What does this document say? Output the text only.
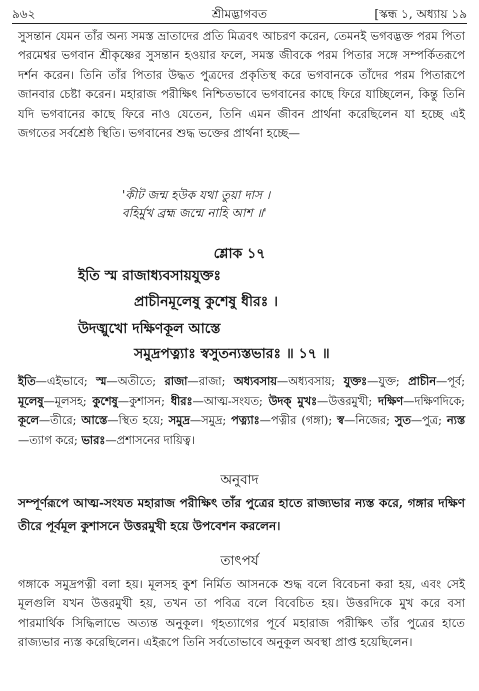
৯৬২	শ্রীমদ্ভাগবত	[স্কন্ধ ১, অধ্যায় ১৯
সুসন্তান যেমন তাঁর অন্য সমস্ত ভ্রাতাদের প্রতি মিত্রবৎ আচরণ করেন, তেমনই ভগবদ্ভক্ত পরম পিতা পরমেশ্বর ভগবান শ্রীকৃষ্ণের সুসন্তান হওয়ার ফলে, সমস্ত জীবকে পরম পিতার সঙ্গে সম্পর্কিতরূপে দর্শন করেন। তিনি তাঁর পিতার উদ্ধত পুত্রদের প্রকৃতিস্থ করে ভগবানকে তাঁদের পরম পিতারূপে জানবার চেষ্টা করেন। মহারাজ পরীক্ষিৎ নিশ্চিতভাবে ভগবানের কাছে ফিরে যাচ্ছিলেন, কিন্তু তিনি যদি ভগবানের কাছে ফিরে নাও যেতেন, তিনি এমন জীবন প্রার্থনা করেছিলেন যা হচ্ছে এই জগতের সর্বশ্রেষ্ঠ স্থিতি। ভগবানের শুদ্ধ ভক্তের প্রার্থনা হচ্ছে—
'কীট জন্ম হউক যথা তুয়া দাস ।
বহির্মুখ ব্রহ্ম জন্মে নাহি আশ ॥'
শ্লোক ১৭
ইতি স্ম রাজাধ্যবসায়যুক্তঃ
প্রাচীনমূলেষু কুশেষু ধীরঃ ।
উদঙ্মুখো দক্ষিণকূল আস্তে
সমুদ্রপত্ন্যাঃ স্বসুতন্যস্তভারঃ ॥ ১৭ ॥
ইতি—এইভাবে; স্ম—অতীতে; রাজা—রাজা; অধ্যবসায়—অধ্যবসায়; যুক্তঃ—যুক্ত; প্রাচীন—পূর্ব; মূলেষু—মূলসহ; কুশেষু—কুশাসন; ধীরঃ—আত্ম-সংযত; উদক্ মুখঃ—উত্তরমুখী; দক্ষিণ—দক্ষিণদিকে; কূলে—তীরে; আস্তে—স্থিত হয়ে; সমুদ্র—সমুদ্র; পত্ন্যাঃ—পত্নীর (গঙ্গা); স্ব—নিজের; সুত—পুত্র; ন্যস্ত—ত্যাগ করে; ভারঃ—প্রশাসনের দায়িত্ব।
অনুবাদ
সম্পূর্ণরূপে আত্ম-সংযত মহারাজ পরীক্ষিৎ তাঁর পুত্রের হাতে রাজ্যভার ন্যস্ত করে, গঙ্গার দক্ষিণ তীরে পূর্বমূল কুশাসনে উত্তরমুখী হয়ে উপবেশন করলেন।
তাৎপর্য
গঙ্গাকে সমুদ্রপত্নী বলা হয়। মূলসহ কুশ নির্মিত আসনকে শুদ্ধ বলে বিবেচনা করা হয়, এবং সেই মূলগুলি যখন উত্তরমুখী হয়, তখন তা পবিত্র বলে বিবেচিত হয়। উত্তরদিকে মুখ করে বসা পারমার্থিক সিদ্ধিলাভে অত্যন্ত অনুকূল। গৃহত্যাগের পূর্বে মহারাজ পরীক্ষিৎ তাঁর পুত্রের হাতে রাজ্যভার ন্যস্ত করেছিলেন। এইরূপে তিনি সর্বতোভাবে অনুকূল অবস্থা প্রাপ্ত হয়েছিলেন।
